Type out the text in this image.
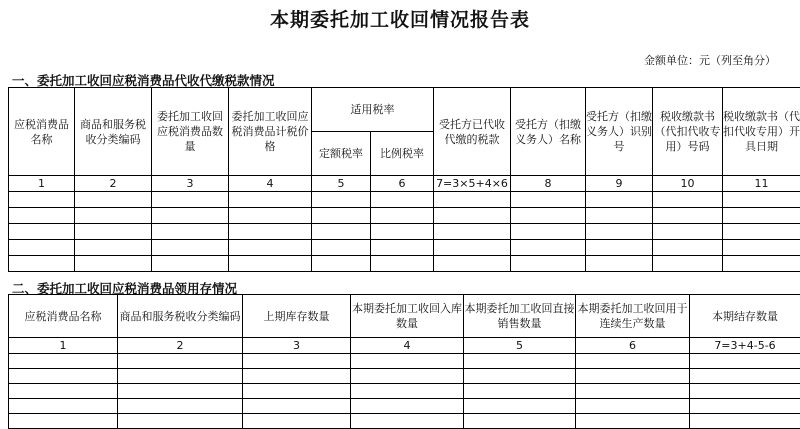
本期委托加工收回情况报告表
金额单位：元（列至角分）
一、委托加工收回应税消费品代收代缴税款情况
应税消费品名称	商品和服务税收分类编码	委托加工收回应税消费品数量	委托加工收回应税消费品计税价格	适用税率		受托方已代收代缴的税款	受托方（扣缴义务人）名称	受托方（扣缴义务人）识别号	税收缴款书（代扣代收专用）号码	税收缴款书（代扣代收专用）开具日期
				定额税率	比例税率					
1	2	3	4	5	6	7=3×5+4×6	8	9	10	11

二、委托加工收回应税消费品领用存情况
应税消费品名称	商品和服务税收分类编码	上期库存数量	本期委托加工收回入库数量	本期委托加工收回直接销售数量	本期委托加工收回用于连续生产数量	本期结存数量
1	2	3	4	5	6	7=3+4-5-6
